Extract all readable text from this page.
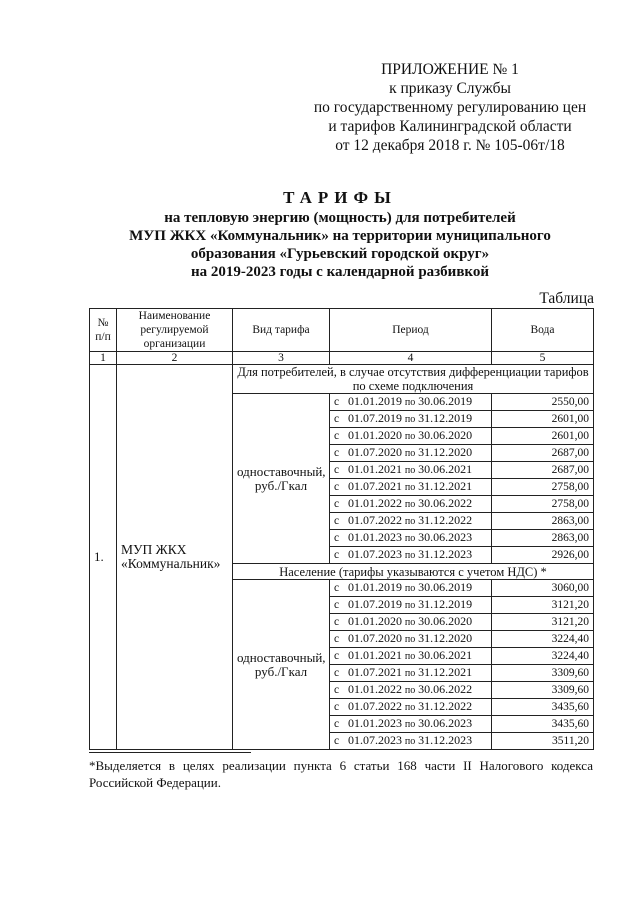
ПРИЛОЖЕНИЕ № 1
к приказу Службы
по государственному регулированию цен
и тарифов Калининградской области
от 12 декабря 2018 г. № 105-06т/18
ТАРИФЫ
на тепловую энергию (мощность) для потребителей
МУП ЖКХ «Коммунальник» на территории муниципального
образования «Гурьевский городской округ»
на 2019-2023 годы с календарной разбивкой
Таблица
№ п/п	Наименование регулируемой организации	Вид тарифа	Период	Вода
1	2	3	4	5
1.	МУП ЖКХ «Коммунальник»	Для потребителей, в случае отсутствия дифференциации тарифов по схеме подключения		
		одноставочный, руб./Гкал	с 01.01.2019 по 30.06.2019	2550,00
			с 01.07.2019 по 31.12.2019	2601,00
			с 01.01.2020 по 30.06.2020	2601,00
			с 01.07.2020 по 31.12.2020	2687,00
			с 01.01.2021 по 30.06.2021	2687,00
			с 01.07.2021 по 31.12.2021	2758,00
			с 01.01.2022 по 30.06.2022	2758,00
			с 01.07.2022 по 31.12.2022	2863,00
			с 01.01.2023 по 30.06.2023	2863,00
			с 01.07.2023 по 31.12.2023	2926,00
		Население (тарифы указываются с учетом НДС) *		
		одноставочный, руб./Гкал	с 01.01.2019 по 30.06.2019	3060,00
			с 01.07.2019 по 31.12.2019	3121,20
			с 01.01.2020 по 30.06.2020	3121,20
			с 01.07.2020 по 31.12.2020	3224,40
			с 01.01.2021 по 30.06.2021	3224,40
			с 01.07.2021 по 31.12.2021	3309,60
			с 01.01.2022 по 30.06.2022	3309,60
			с 01.07.2022 по 31.12.2022	3435,60
			с 01.01.2023 по 30.06.2023	3435,60
			с 01.07.2023 по 31.12.2023	3511,20
*Выделяется в целях реализации пункта 6 статьи 168 части II Налогового кодекса Российской Федерации.
